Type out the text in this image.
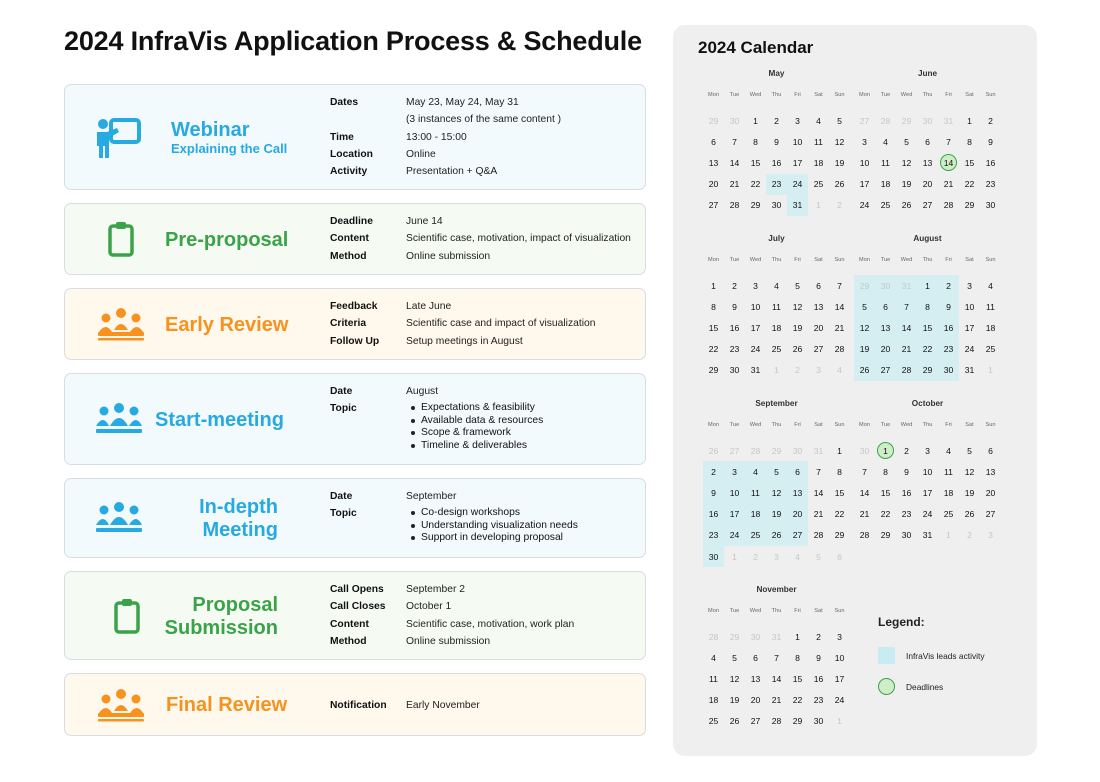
2024 InfraVis Application Process & Schedule
Webinar
Explaining the Call
Dates	May 23, May 24, May 31
(3 instances of the same content )
Time	13:00 - 15:00
Location	Online
Activity	Presentation + Q&A
Pre-proposal
Deadline	June 14
Content	Scientific case, motivation, impact of visualization
Method	Online submission
Early Review
Feedback	Late June
Criteria	Scientific case and impact of visualization
Follow Up	Setup meetings in August
Start-meeting
Date	August
Topic	Expectations & feasibility
Available data & resources
Scope & framework
Timeline & deliverables
In-depth
Meeting
Date	September
Topic	Co-design workshops
Understanding visualization needs
Support in developing proposal
Proposal
Submission
Call Opens	September 2
Call Closes	October 1
Content	Scientific case, motivation, work plan
Method	Online submission
Final Review	Notification	Early November
2024 Calendar
May
Mon	Tue	Wed	Thu	Fri	Sat	Sun
29	30	1	2	3	4	5
6	7	8	9	10	11	12
13	14	15	16	17	18	19
20	21	22	23	24	25	26
27	28	29	30	31	1	2
June
Mon	Tue	Wed	Thu	Fri	Sat	Sun
27	28	29	30	31	1	2
3	4	5	6	7	8	9
10	11	12	13	14	15	16
17	18	19	20	21	22	23
24	25	26	27	28	29	30
July
Mon	Tue	Wed	Thu	Fri	Sat	Sun
1	2	3	4	5	6	7
8	9	10	11	12	13	14
15	16	17	18	19	20	21
22	23	24	25	26	27	28
29	30	31	1	2	3	4
August
Mon	Tue	Wed	Thu	Fri	Sat	Sun
29	30	31	1	2	3	4
5	6	7	8	9	10	11
12	13	14	15	16	17	18
19	20	21	22	23	24	25
26	27	28	29	30	31	1
September
Mon	Tue	Wed	Thu	Fri	Sat	Sun
26	27	28	29	30	31	1
2	3	4	5	6	7	8
9	10	11	12	13	14	15
16	17	18	19	20	21	22
23	24	25	26	27	28	29
30	1	2	3	4	5	6
October
Mon	Tue	Wed	Thu	Fri	Sat	Sun
30	1	2	3	4	5	6
7	8	9	10	11	12	13
14	15	16	17	18	19	20
21	22	23	24	25	26	27
28	29	30	31	1	2	3
November
Mon	Tue	Wed	Thu	Fri	Sat	Sun
28	29	30	31	1	2	3
4	5	6	7	8	9	10
11	12	13	14	15	16	17
18	19	20	21	22	23	24
25	26	27	28	29	30	1
Legend:
InfraVis leads activity
Deadlines
